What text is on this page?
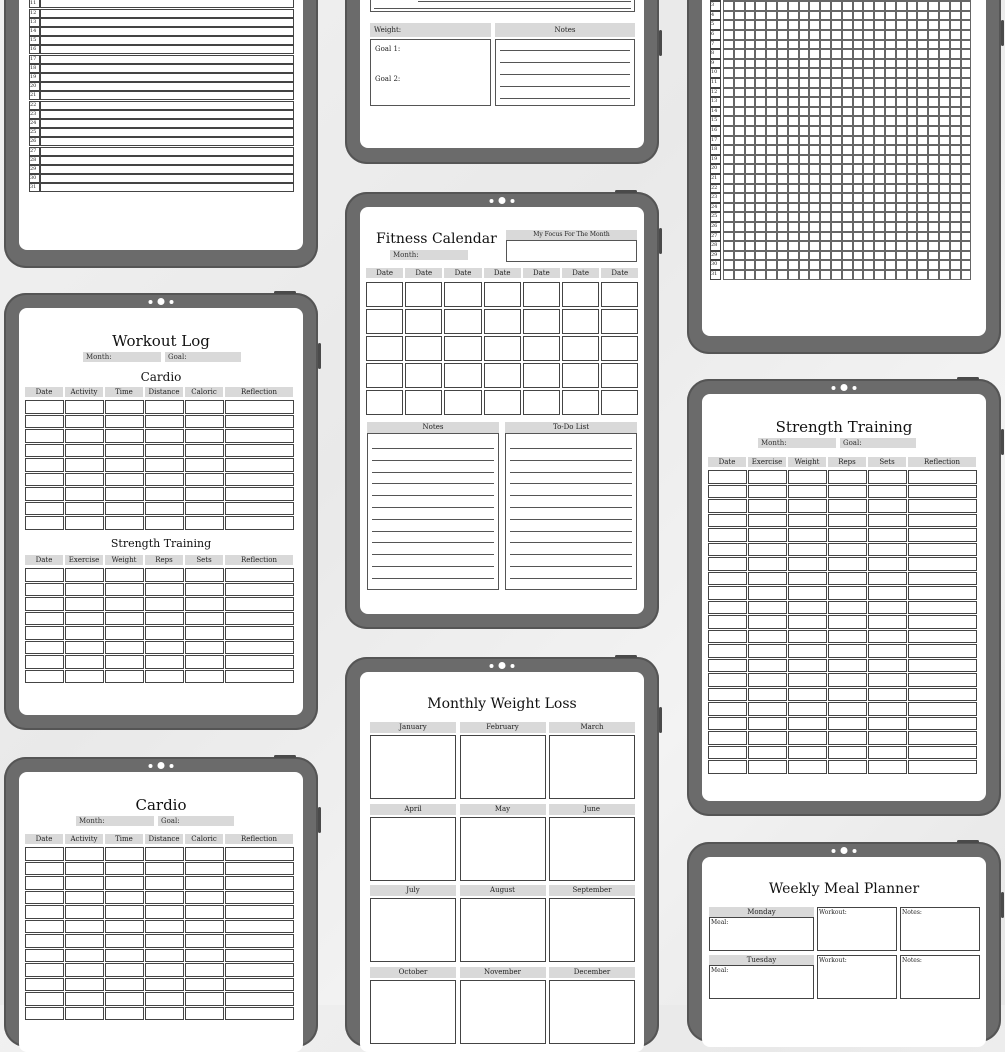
11
12
13
14
15
16
17
18
19
20
21
22
23
24
25
26
27
28
29
30
31
Weight:	Notes
Goal 1:
Goal 2:
3
4
5
6
7
8
9
10
11
12
13
14
15
16
17
18
19
20
21
22
23
24
25
26
27
28
29
30
31
Workout Log
Month:	Goal:
Cardio
Date	Activity	Time	Distance	Caloric	Reflection
Strength Training
Date	Exercise	Weight	Reps	Sets	Reflection
Fitness Calendar
Month:
My Focus For The Month
Date	Date	Date	Date	Date	Date	Date
Notes	To-Do List	Strength Training
Month:	Goal:
Date	Exercise	Weight	Reps	Sets	Reflection
Cardio
Month:	Goal:
Date	Activity	Time	Distance	Caloric	Reflection
Monthly Weight Loss
January	February	March
April	May	June
July	August	September
October	November	December
Weekly Meal Planner
Monday
Meal:
Workout:	Notes:
Tuesday
Meal:
Workout:	Notes:
